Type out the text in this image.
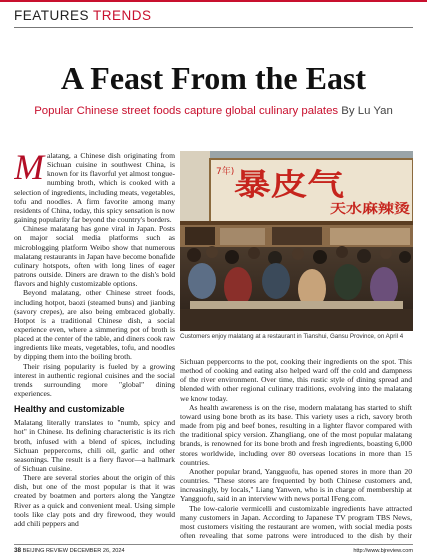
FEATURES TRENDS
A Feast From the East
Popular Chinese street foods capture global culinary palates By Lu Yan

Malatang, a Chinese dish originating from Sichuan cuisine in southwest China, is known for its flavorful yet almost tongue-numbing broth, which is cooked with a selection of ingredients, including meats, vegetables, tofu and noodles. A firm favorite among many residents of China, today, this spicy sensation is now gaining popularity far beyond the country's borders.

Chinese malatang has gone viral in Japan. Posts on major social media platforms such as microblogging platform Weibo show that numerous malatang restaurants in Japan have become bonafide culinary hotspots, often with long lines of eager patrons outside. Diners are drawn to the dish's bold flavors and highly customizable options.

Beyond malatang, other Chinese street foods, including hotpot, baozi (steamed buns) and jianbing (savory crepes), are also being embraced globally. Hotpot is a traditional Chinese dish, a social experience even, where a simmering pot of broth is placed at the center of the table, and diners cook raw ingredients like meats, vegetables, tofu, and noodles by dipping them into the boiling broth.

Their rising popularity is fueled by a growing interest in authentic regional cuisines and the social trends surrounding more "global" dining experiences.

Healthy and customizable

Malatang literally translates to "numb, spicy and hot" in Chinese. Its defining characteristic is its rich broth, infused with a blend of spices, including Sichuan peppercorns, chili oil, garlic and other seasonings. The result is a fiery flavor—a hallmark of Sichuan cuisine.

There are several stories about the origin of this dish, but one of the most popular is that it was created by boatmen and porters along the Yangtze River as a quick and convenient meal. Using simple tools like clay pots and dry firewood, they would add chili peppers and

7年) 暴皮气
天水麻辣烫
Customers enjoy malatang at a restaurant in Tianshui, Gansu Province, on April 4

Sichuan peppercorns to the pot, cooking their ingredients on the spot. This method of cooking and eating also helped ward off the cold and dampness of the river environment. Over time, this rustic style of dining spread and blended with other regional culinary traditions, evolving into the malatang we know today.

As health awareness is on the rise, modern malatang has started to shift toward using bone broth as its base. This variety uses a rich, savory broth made from pig and beef bones, resulting in a lighter flavor compared with the traditional spicy version. Zhangliang, one of the most popular malatang brands, is renowned for its bone broth and fresh ingredients, boasting 6,000 stores worldwide, including over 80 overseas locations in more than 15 countries.

Another popular brand, Yangguofu, has opened stores in more than 20 countries. "These stores are frequented by both Chinese customers and, increasingly, by locals," Liang Yanwen, who is in charge of membership at Yangguofu, said in an interview with news portal IFeng.com.

The low-calorie vermicelli and customizable ingredients have attracted many customers in Japan. According to Japanese TV program TBS News, most customers visiting the restaurant are women, with social media posts often revealing that some patrons were introduced to the dish by their

38 BEIJING REVIEW DECEMBER 26, 2024	http://www.bjreview.com
